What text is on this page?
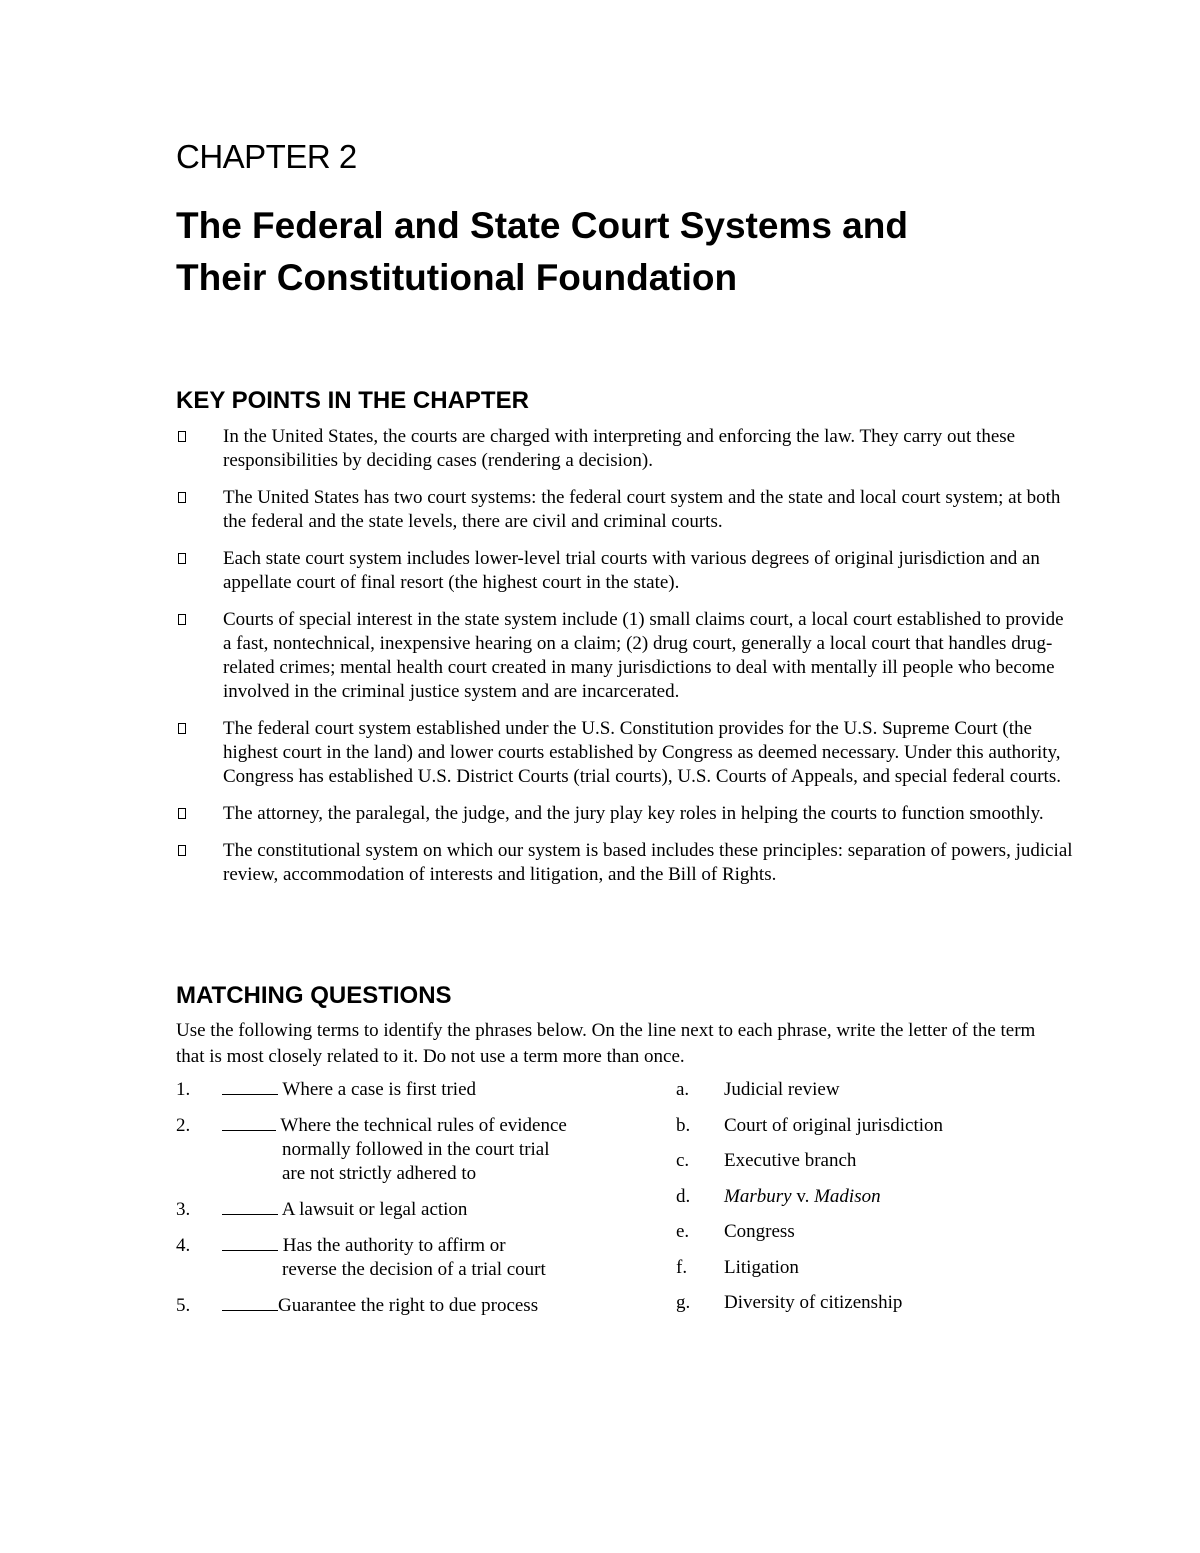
CHAPTER 2
The Federal and State Court Systems and
Their Constitutional Foundation
KEY POINTS IN THE CHAPTER
In the United States, the courts are charged with interpreting and enforcing the law. They carry out these responsibilities by deciding cases (rendering a decision).
The United States has two court systems: the federal court system and the state and local court system; at both the federal and the state levels, there are civil and criminal courts.
Each state court system includes lower-level trial courts with various degrees of original jurisdiction and an appellate court of final resort (the highest court in the state).
Courts of special interest in the state system include (1) small claims court, a local court established to provide a fast, nontechnical, inexpensive hearing on a claim; (2) drug court, generally a local court that handles drug-related crimes; mental health court created in many jurisdictions to deal with mentally ill people who become involved in the criminal justice system and are incarcerated.
The federal court system established under the U.S. Constitution provides for the U.S. Supreme Court (the highest court in the land) and lower courts established by Congress as deemed necessary. Under this authority, Congress has established U.S. District Courts (trial courts), U.S. Courts of Appeals, and special federal courts.
The attorney, the paralegal, the judge, and the jury play key roles in helping the courts to function smoothly.
The constitutional system on which our system is based includes these principles: separation of powers, judicial review, accommodation of interests and litigation, and the Bill of Rights.
MATCHING QUESTIONS

Use the following terms to identify the phrases below. On the line next to each phrase, write the letter of the term that is most closely related to it. Do not use a term more than once.

1.	Where a case is first tried
2.	Where the technical rules of evidence
normally followed in the court trial
are not strictly adhered to
3.	A lawsuit or legal action
4.	Has the authority to affirm or
reverse the decision of a trial court
5.	Guarantee the right to due process
a.	Judicial review
b.	Court of original jurisdiction
c.	Executive branch
d.	Marbury v. Madison
e.	Congress
f.	Litigation
g.	Diversity of citizenship
